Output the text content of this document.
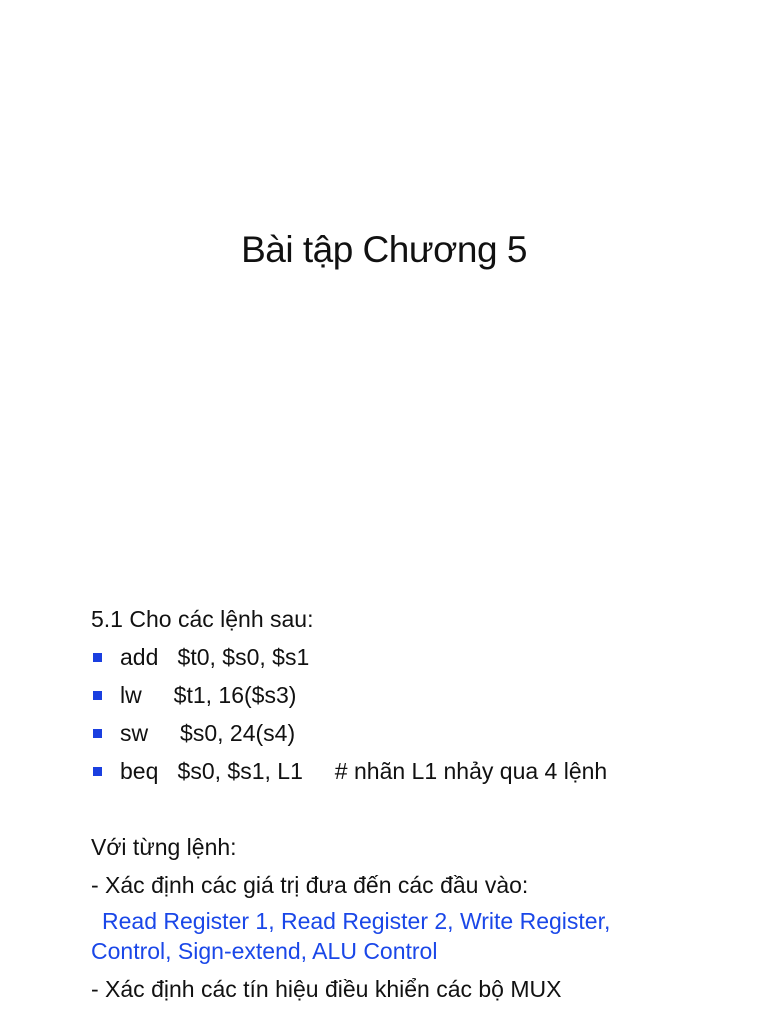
Bài tập Chương 5

5.1 Cho các lệnh sau:

add   $t0, $s0, $s1
lw     $t1, 16($s3)
sw     $s0, 24(s4)
beq   $s0, $s1, L1     # nhãn L1 nhảy qua 4 lệnh
Với từng lệnh:
- Xác định các giá trị đưa đến các đầu vào:
Read Register 1, Read Register 2, Write Register,
Control, Sign-extend, ALU Control
- Xác định các tín hiệu điều khiển các bộ MUX
